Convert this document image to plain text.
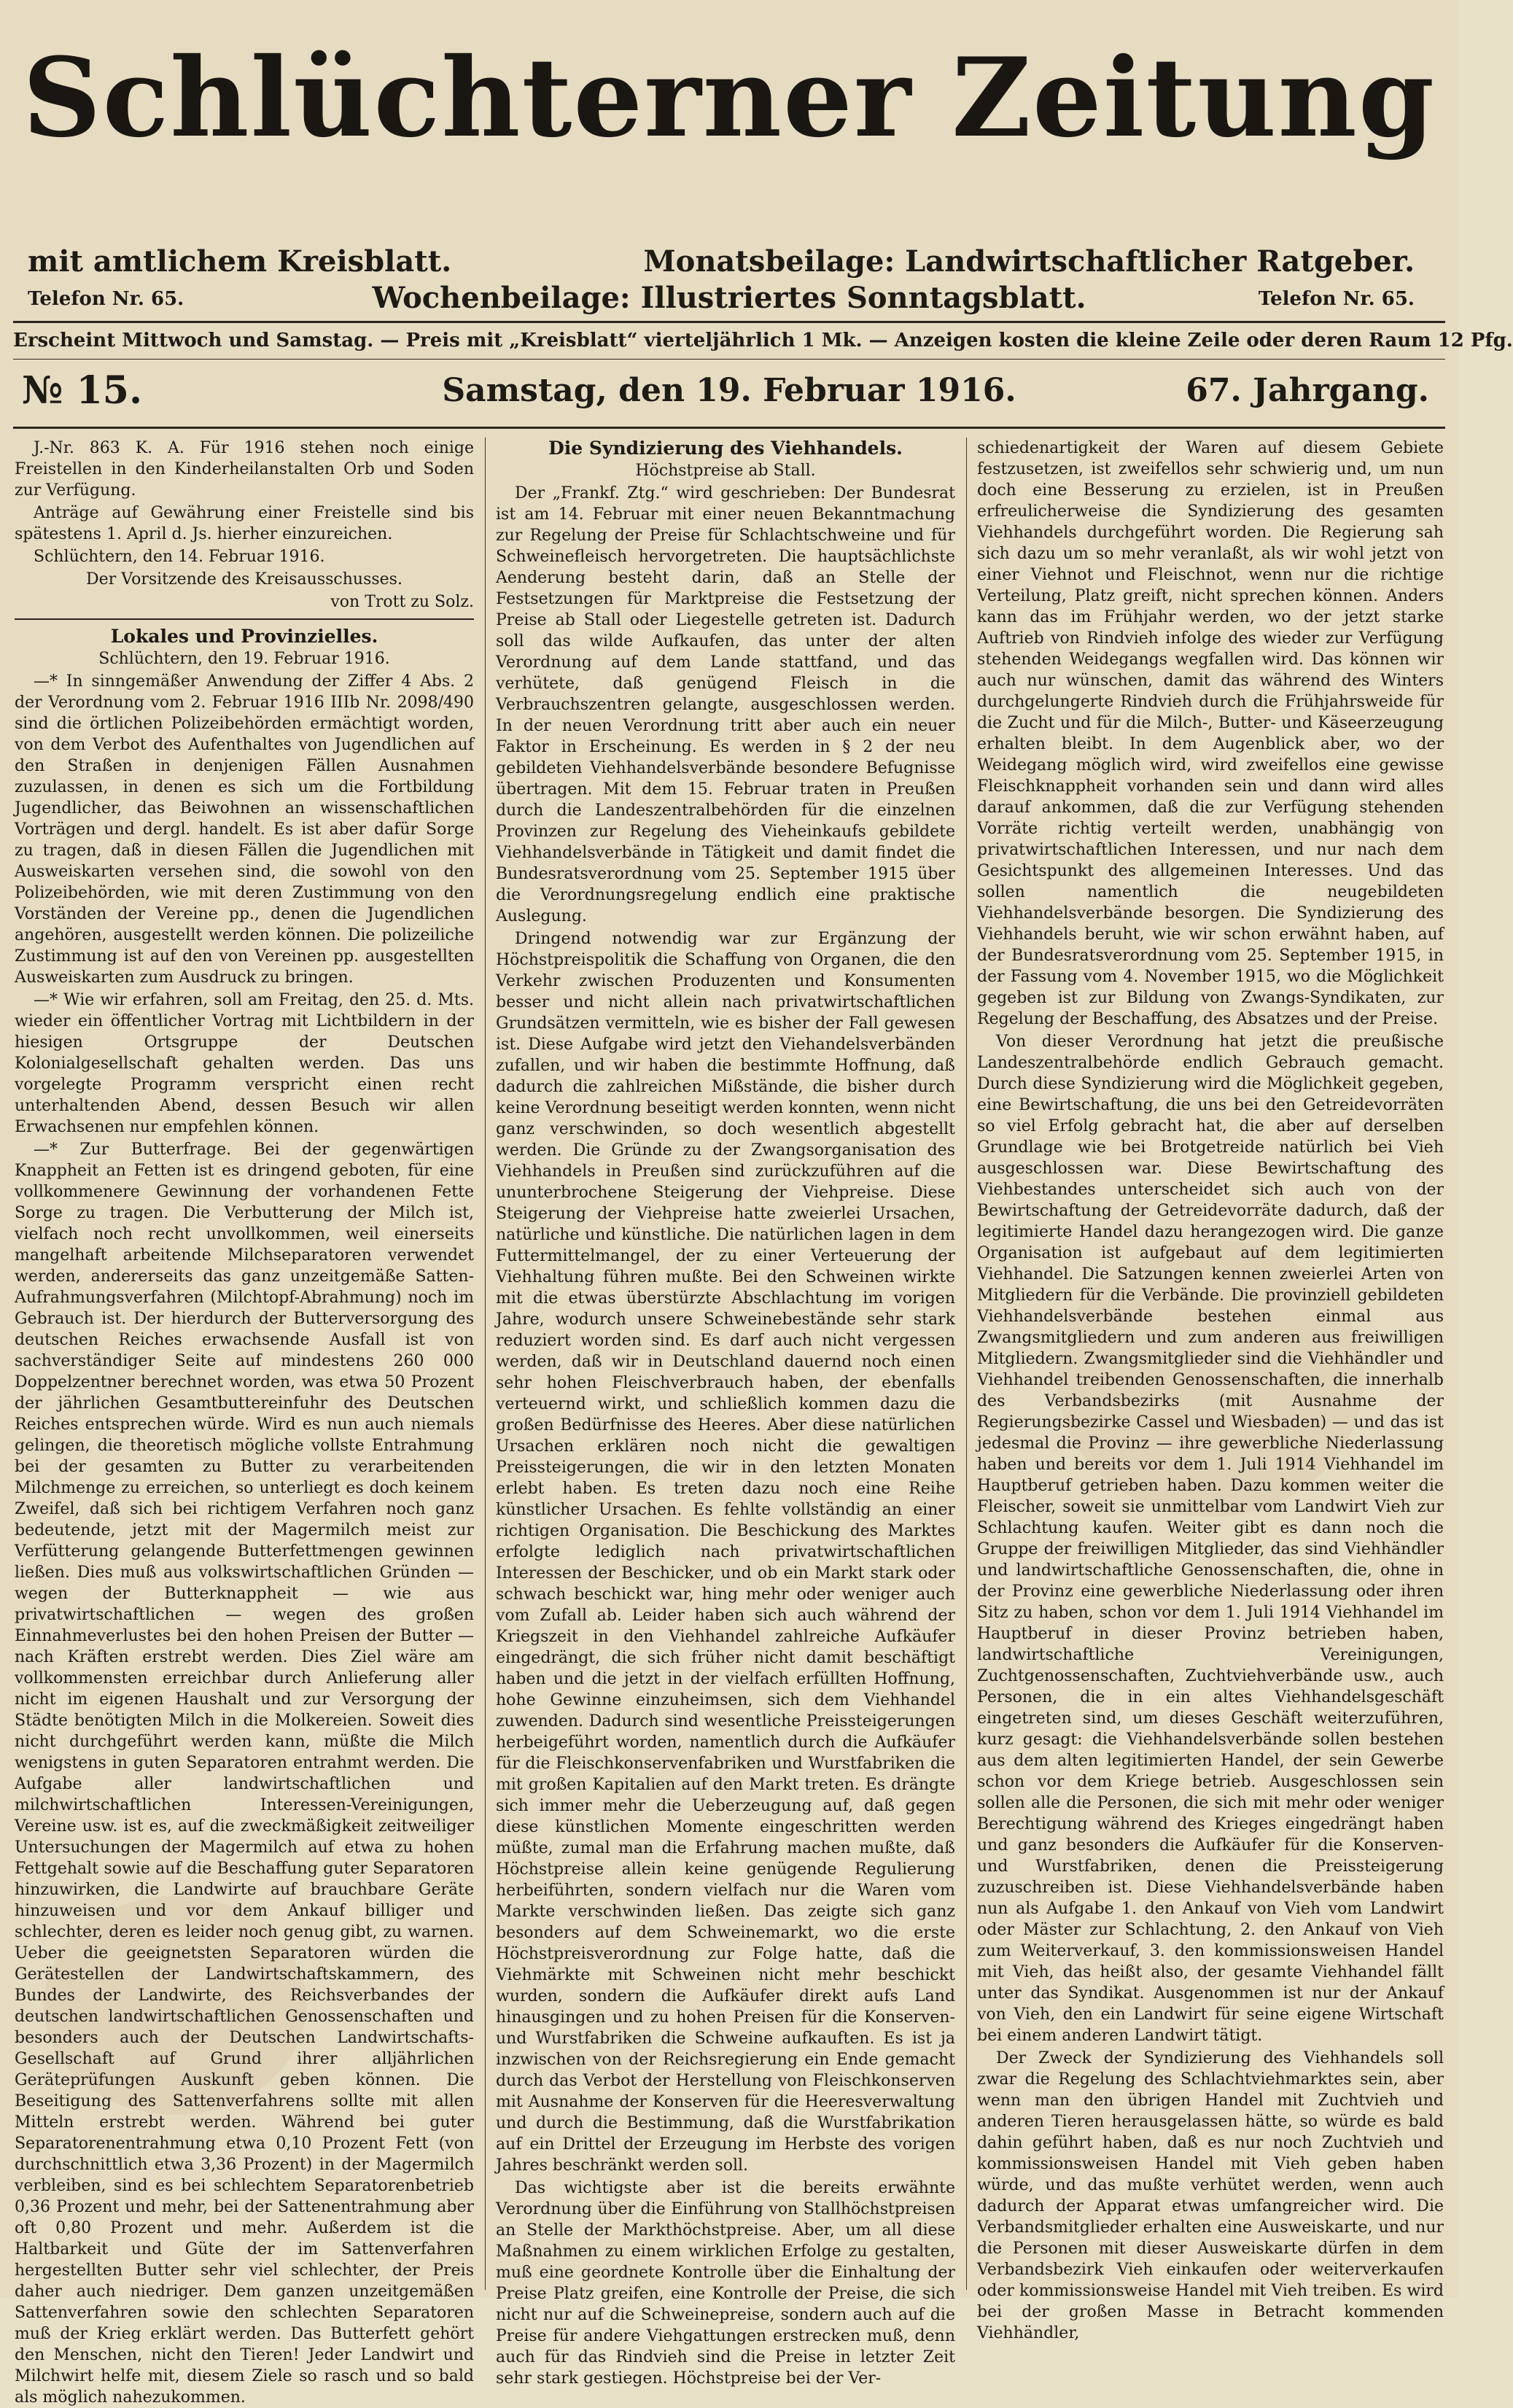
Schlüchterner Zeitung
mit amtlichem Kreisblatt.	Monatsbeilage: Landwirtschaftlicher Ratgeber.
Wochenbeilage: Illustriertes Sonntagsblatt.
Telefon Nr. 65.	Telefon Nr. 65.
Erscheint Mittwoch und Samstag. — Preis mit „Kreisblatt“ vierteljährlich 1 Mk. — Anzeigen kosten die kleine Zeile oder deren Raum 12 Pfg.
№ 15.	Samstag, den 19. Februar 1916.	67. Jahrgang.

J.-Nr. 863 K. A. Für 1916 stehen noch einige Freistellen in den Kinderheilanstalten Orb und Soden zur Verfügung.

Anträge auf Gewährung einer Freistelle sind bis spätestens 1. April d. Js. hierher einzureichen.

Schlüchtern, den 14. Februar 1916.

Der Vorsitzende des Kreisausschusses.

von Trott zu Solz.

Lokales und Provinzielles.

Schlüchtern, den 19. Februar 1916.

—* In sinngemäßer Anwendung der Ziffer 4 Abs. 2 der Verordnung vom 2. Februar 1916 IIIb Nr. 2098/490 sind die örtlichen Polizeibehörden ermächtigt worden, von dem Verbot des Aufenthaltes von Jugendlichen auf den Straßen in denjenigen Fällen Ausnahmen zuzulassen, in denen es sich um die Fortbildung Jugendlicher, das Beiwohnen an wissenschaftlichen Vorträgen und dergl. handelt. Es ist aber dafür Sorge zu tragen, daß in diesen Fällen die Jugendlichen mit Ausweiskarten versehen sind, die sowohl von den Polizeibehörden, wie mit deren Zustimmung von den Vorständen der Vereine pp., denen die Jugendlichen angehören, ausgestellt werden können. Die polizeiliche Zustimmung ist auf den von Vereinen pp. ausgestellten Ausweiskarten zum Ausdruck zu bringen.

—* Wie wir erfahren, soll am Freitag, den 25. d. Mts. wieder ein öffentlicher Vortrag mit Lichtbildern in der hiesigen Ortsgruppe der Deutschen Kolonialgesellschaft gehalten werden. Das uns vorgelegte Programm verspricht einen recht unterhaltenden Abend, dessen Besuch wir allen Erwachsenen nur empfehlen können.

—* Zur Butterfrage. Bei der gegenwärtigen Knappheit an Fetten ist es dringend geboten, für eine vollkommenere Gewinnung der vorhandenen Fette Sorge zu tragen. Die Verbutterung der Milch ist, vielfach noch recht unvollkommen, weil einerseits mangelhaft arbeitende Milchseparatoren verwendet werden, andererseits das ganz unzeitgemäße Satten-Aufrahmungsverfahren (Milchtopf-Abrahmung) noch im Gebrauch ist. Der hierdurch der Butterversorgung des deutschen Reiches erwachsende Ausfall ist von sachverständiger Seite auf mindestens 260 000 Doppelzentner berechnet worden, was etwa 50 Prozent der jährlichen Gesamtbuttereinfuhr des Deutschen Reiches entsprechen würde. Wird es nun auch niemals gelingen, die theoretisch mögliche vollste Entrahmung bei der gesamten zu Butter zu verarbeitenden Milchmenge zu erreichen, so unterliegt es doch keinem Zweifel, daß sich bei richtigem Verfahren noch ganz bedeutende, jetzt mit der Magermilch meist zur Verfütterung gelangende Butterfettmengen gewinnen ließen. Dies muß aus volkswirtschaftlichen Gründen — wegen der Butterknappheit — wie aus privatwirtschaftlichen — wegen des großen Einnahmeverlustes bei den hohen Preisen der Butter — nach Kräften erstrebt werden. Dies Ziel wäre am vollkommensten erreichbar durch Anlieferung aller nicht im eigenen Haushalt und zur Versorgung der Städte benötigten Milch in die Molkereien. Soweit dies nicht durchgeführt werden kann, müßte die Milch wenigstens in guten Separatoren entrahmt werden. Die Aufgabe aller landwirtschaftlichen und milchwirtschaftlichen Interessen-Vereinigungen, Vereine usw. ist es, auf die zweckmäßigkeit zeitweiliger Untersuchungen der Magermilch auf etwa zu hohen Fettgehalt sowie auf die Beschaffung guter Separatoren hinzuwirken, die Landwirte auf brauchbare Geräte hinzuweisen und vor dem Ankauf billiger und schlechter, deren es leider noch genug gibt, zu warnen. Ueber die geeignetsten Separatoren würden die Gerätestellen der Landwirtschaftskammern, des Bundes der Landwirte, des Reichsverbandes der deutschen landwirtschaftlichen Genossenschaften und besonders auch der Deutschen Landwirtschafts-Gesellschaft auf Grund ihrer alljährlichen Geräteprüfungen Auskunft geben können. Die Beseitigung des Sattenverfahrens sollte mit allen Mitteln erstrebt werden. Während bei guter Separatorenentrahmung etwa 0,10 Prozent Fett (von durchschnittlich etwa 3,36 Prozent) in der Magermilch verbleiben, sind es bei schlechtem Separatorenbetrieb 0,36 Prozent und mehr, bei der Sattenentrahmung aber oft 0,80 Prozent und mehr. Außerdem ist die Haltbarkeit und Güte der im Sattenverfahren hergestellten Butter sehr viel schlechter, der Preis daher auch niedriger. Dem ganzen unzeitgemäßen Sattenverfahren sowie den schlechten Separatoren muß der Krieg erklärt werden. Das Butterfett gehört den Menschen, nicht den Tieren! Jeder Landwirt und Milchwirt helfe mit, diesem Ziele so rasch und so bald als möglich nahezukommen.

Die Syndizierung des Viehhandels.

Höchstpreise ab Stall.

Der „Frankf. Ztg.“ wird geschrieben: Der Bundesrat ist am 14. Februar mit einer neuen Bekanntmachung zur Regelung der Preise für Schlachtschweine und für Schweinefleisch hervorgetreten. Die hauptsächlichste Aenderung besteht darin, daß an Stelle der Festsetzungen für Marktpreise die Festsetzung der Preise ab Stall oder Liegestelle getreten ist. Dadurch soll das wilde Aufkaufen, das unter der alten Verordnung auf dem Lande stattfand, und das verhütete, daß genügend Fleisch in die Verbrauchszentren gelangte, ausgeschlossen werden. In der neuen Verordnung tritt aber auch ein neuer Faktor in Erscheinung. Es werden in § 2 der neu gebildeten Viehhandelsverbände besondere Befugnisse übertragen. Mit dem 15. Februar traten in Preußen durch die Landeszentralbehörden für die einzelnen Provinzen zur Regelung des Vieheinkaufs gebildete Viehhandelsverbände in Tätigkeit und damit findet die Bundesratsverordnung vom 25. September 1915 über die Verordnungsregelung endlich eine praktische Auslegung.

Dringend notwendig war zur Ergänzung der Höchstpreispolitik die Schaffung von Organen, die den Verkehr zwischen Produzenten und Konsumenten besser und nicht allein nach privatwirtschaftlichen Grundsätzen vermitteln, wie es bisher der Fall gewesen ist. Diese Aufgabe wird jetzt den Viehandelsverbänden zufallen, und wir haben die bestimmte Hoffnung, daß dadurch die zahlreichen Mißstände, die bisher durch keine Verordnung beseitigt werden konnten, wenn nicht ganz verschwinden, so doch wesentlich abgestellt werden. Die Gründe zu der Zwangsorganisation des Viehhandels in Preußen sind zurückzuführen auf die ununterbrochene Steigerung der Viehpreise. Diese Steigerung der Viehpreise hatte zweierlei Ursachen, natürliche und künstliche. Die natürlichen lagen in dem Futtermittelmangel, der zu einer Verteuerung der Viehhaltung führen mußte. Bei den Schweinen wirkte mit die etwas überstürzte Abschlachtung im vorigen Jahre, wodurch unsere Schweinebestände sehr stark reduziert worden sind. Es darf auch nicht vergessen werden, daß wir in Deutschland dauernd noch einen sehr hohen Fleischverbrauch haben, der ebenfalls verteuernd wirkt, und schließlich kommen dazu die großen Bedürfnisse des Heeres. Aber diese natürlichen Ursachen erklären noch nicht die gewaltigen Preissteigerungen, die wir in den letzten Monaten erlebt haben. Es treten dazu noch eine Reihe künstlicher Ursachen. Es fehlte vollständig an einer richtigen Organisation. Die Beschickung des Marktes erfolgte lediglich nach privatwirtschaftlichen Interessen der Beschicker, und ob ein Markt stark oder schwach beschickt war, hing mehr oder weniger auch vom Zufall ab. Leider haben sich auch während der Kriegszeit in den Viehhandel zahlreiche Aufkäufer eingedrängt, die sich früher nicht damit beschäftigt haben und die jetzt in der vielfach erfüllten Hoffnung, hohe Gewinne einzuheimsen, sich dem Viehhandel zuwenden. Dadurch sind wesentliche Preissteigerungen herbeigeführt worden, namentlich durch die Aufkäufer für die Fleischkonservenfabriken und Wurstfabriken die mit großen Kapitalien auf den Markt treten. Es drängte sich immer mehr die Ueberzeugung auf, daß gegen diese künstlichen Momente eingeschritten werden müßte, zumal man die Erfahrung machen mußte, daß Höchstpreise allein keine genügende Regulierung herbeiführten, sondern vielfach nur die Waren vom Markte verschwinden ließen. Das zeigte sich ganz besonders auf dem Schweinemarkt, wo die erste Höchstpreisverordnung zur Folge hatte, daß die Viehmärkte mit Schweinen nicht mehr beschickt wurden, sondern die Aufkäufer direkt aufs Land hinausgingen und zu hohen Preisen für die Konserven- und Wurstfabriken die Schweine aufkauften. Es ist ja inzwischen von der Reichsregierung ein Ende gemacht durch das Verbot der Herstellung von Fleischkonserven mit Ausnahme der Konserven für die Heeresverwaltung und durch die Bestimmung, daß die Wurstfabrikation auf ein Drittel der Erzeugung im Herbste des vorigen Jahres beschränkt werden soll.

Das wichtigste aber ist die bereits erwähnte Verordnung über die Einführung von Stallhöchstpreisen an Stelle der Markthöchstpreise. Aber, um all diese Maßnahmen zu einem wirklichen Erfolge zu gestalten, muß eine geordnete Kontrolle über die Einhaltung der Preise Platz greifen, eine Kontrolle der Preise, die sich nicht nur auf die Schweinepreise, sondern auch auf die Preise für andere Viehgattungen erstrecken muß, denn auch für das Rindvieh sind die Preise in letzter Zeit sehr stark gestiegen. Höchstpreise bei der Ver-

schiedenartigkeit der Waren auf diesem Gebiete festzusetzen, ist zweifellos sehr schwierig und, um nun doch eine Besserung zu erzielen, ist in Preußen erfreulicherweise die Syndizierung des gesamten Viehhandels durchgeführt worden. Die Regierung sah sich dazu um so mehr veranlaßt, als wir wohl jetzt von einer Viehnot und Fleischnot, wenn nur die richtige Verteilung, Platz greift, nicht sprechen können. Anders kann das im Frühjahr werden, wo der jetzt starke Auftrieb von Rindvieh infolge des wieder zur Verfügung stehenden Weidegangs wegfallen wird. Das können wir auch nur wünschen, damit das während des Winters durchgelungerte Rindvieh durch die Frühjahrsweide für die Zucht und für die Milch-, Butter- und Käseerzeugung erhalten bleibt. In dem Augenblick aber, wo der Weidegang möglich wird, wird zweifellos eine gewisse Fleischknappheit vorhanden sein und dann wird alles darauf ankommen, daß die zur Verfügung stehenden Vorräte richtig verteilt werden, unabhängig von privatwirtschaftlichen Interessen, und nur nach dem Gesichtspunkt des allgemeinen Interesses. Und das sollen namentlich die neugebildeten Viehhandelsverbände besorgen. Die Syndizierung des Viehhandels beruht, wie wir schon erwähnt haben, auf der Bundesratsverordnung vom 25. September 1915, in der Fassung vom 4. November 1915, wo die Möglichkeit gegeben ist zur Bildung von Zwangs-Syndikaten, zur Regelung der Beschaffung, des Absatzes und der Preise.

Von dieser Verordnung hat jetzt die preußische Landeszentralbehörde endlich Gebrauch gemacht. Durch diese Syndizierung wird die Möglichkeit gegeben, eine Bewirtschaftung, die uns bei den Getreidevorräten so viel Erfolg gebracht hat, die aber auf derselben Grundlage wie bei Brotgetreide natürlich bei Vieh ausgeschlossen war. Diese Bewirtschaftung des Viehbestandes unterscheidet sich auch von der Bewirtschaftung der Getreidevorräte dadurch, daß der legitimierte Handel dazu herangezogen wird. Die ganze Organisation ist aufgebaut auf dem legitimierten Viehhandel. Die Satzungen kennen zweierlei Arten von Mitgliedern für die Verbände. Die provinziell gebildeten Viehhandelsverbände bestehen einmal aus Zwangsmitgliedern und zum anderen aus freiwilligen Mitgliedern. Zwangsmitglieder sind die Viehhändler und Viehhandel treibenden Genossenschaften, die innerhalb des Verbandsbezirks (mit Ausnahme der Regierungsbezirke Cassel und Wiesbaden) — und das ist jedesmal die Provinz — ihre gewerbliche Niederlassung haben und bereits vor dem 1. Juli 1914 Viehhandel im Hauptberuf getrieben haben. Dazu kommen weiter die Fleischer, soweit sie unmittelbar vom Landwirt Vieh zur Schlachtung kaufen. Weiter gibt es dann noch die Gruppe der freiwilligen Mitglieder, das sind Viehhändler und landwirtschaftliche Genossenschaften, die, ohne in der Provinz eine gewerbliche Niederlassung oder ihren Sitz zu haben, schon vor dem 1. Juli 1914 Viehhandel im Hauptberuf in dieser Provinz betrieben haben, landwirtschaftliche Vereinigungen, Zuchtgenossenschaften, Zuchtviehverbände usw., auch Personen, die in ein altes Viehhandelsgeschäft eingetreten sind, um dieses Geschäft weiterzuführen, kurz gesagt: die Viehhandelsverbände sollen bestehen aus dem alten legitimierten Handel, der sein Gewerbe schon vor dem Kriege betrieb. Ausgeschlossen sein sollen alle die Personen, die sich mit mehr oder weniger Berechtigung während des Krieges eingedrängt haben und ganz besonders die Aufkäufer für die Konserven- und Wurstfabriken, denen die Preissteigerung zuzuschreiben ist. Diese Viehhandelsverbände haben nun als Aufgabe 1. den Ankauf von Vieh vom Landwirt oder Mäster zur Schlachtung, 2. den Ankauf von Vieh zum Weiterverkauf, 3. den kommissionsweisen Handel mit Vieh, das heißt also, der gesamte Viehhandel fällt unter das Syndikat. Ausgenommen ist nur der Ankauf von Vieh, den ein Landwirt für seine eigene Wirtschaft bei einem anderen Landwirt tätigt.

Der Zweck der Syndizierung des Viehhandels soll zwar die Regelung des Schlachtviehmarktes sein, aber wenn man den übrigen Handel mit Zuchtvieh und anderen Tieren herausgelassen hätte, so würde es bald dahin geführt haben, daß es nur noch Zuchtvieh und kommissionsweisen Handel mit Vieh geben haben würde, und das mußte verhütet werden, wenn auch dadurch der Apparat etwas umfangreicher wird. Die Verbandsmitglieder erhalten eine Ausweiskarte, und nur die Personen mit dieser Ausweiskarte dürfen in dem Verbandsbezirk Vieh einkaufen oder weiterverkaufen oder kommissionsweise Handel mit Vieh treiben. Es wird bei der großen Masse in Betracht kommenden Viehhändler,
